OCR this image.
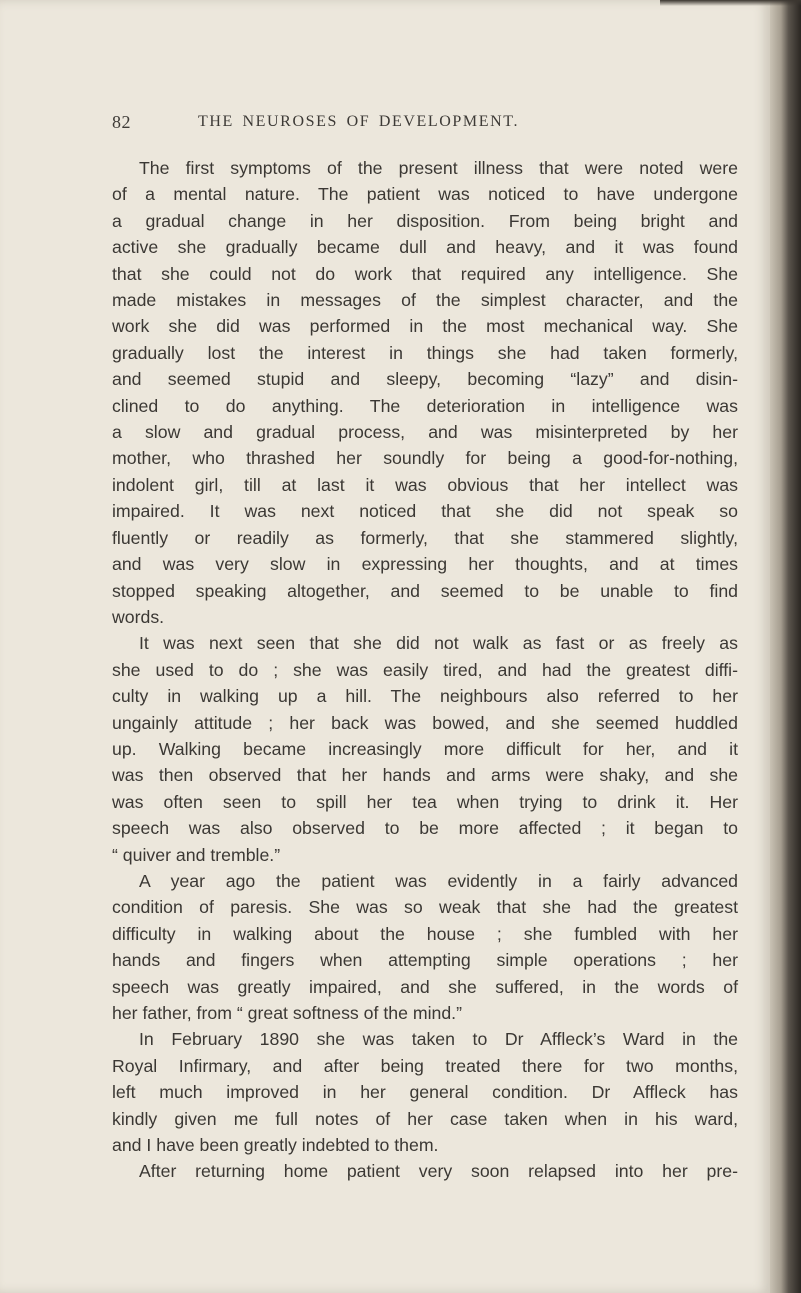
82	THE NEUROSES OF DEVELOPMENT.
The first symptoms of the present illness that were noted were
of a mental nature. The patient was noticed to have undergone
a gradual change in her disposition. From being bright and
active she gradually became dull and heavy, and it was found
that she could not do work that required any intelligence. She
made mistakes in messages of the simplest character, and the
work she did was performed in the most mechanical way. She
gradually lost the interest in things she had taken formerly,
and seemed stupid and sleepy, becoming “lazy” and disin-
clined to do anything. The deterioration in intelligence was
a slow and gradual process, and was misinterpreted by her
mother, who thrashed her soundly for being a good-for-nothing,
indolent girl, till at last it was obvious that her intellect was
impaired. It was next noticed that she did not speak so
fluently or readily as formerly, that she stammered slightly,
and was very slow in expressing her thoughts, and at times
stopped speaking altogether, and seemed to be unable to find
words.
It was next seen that she did not walk as fast or as freely as
she used to do ; she was easily tired, and had the greatest diffi-
culty in walking up a hill. The neighbours also referred to her
ungainly attitude ; her back was bowed, and she seemed huddled
up. Walking became increasingly more difficult for her, and it
was then observed that her hands and arms were shaky, and she
was often seen to spill her tea when trying to drink it. Her
speech was also observed to be more affected ; it began to
“ quiver and tremble.”
A year ago the patient was evidently in a fairly advanced
condition of paresis. She was so weak that she had the greatest
difficulty in walking about the house ; she fumbled with her
hands and fingers when attempting simple operations ; her
speech was greatly impaired, and she suffered, in the words of
her father, from “ great softness of the mind.”
In February 1890 she was taken to Dr Affleck’s Ward in the
Royal Infirmary, and after being treated there for two months,
left much improved in her general condition. Dr Affleck has
kindly given me full notes of her case taken when in his ward,
and I have been greatly indebted to them.
After returning home patient very soon relapsed into her pre-
